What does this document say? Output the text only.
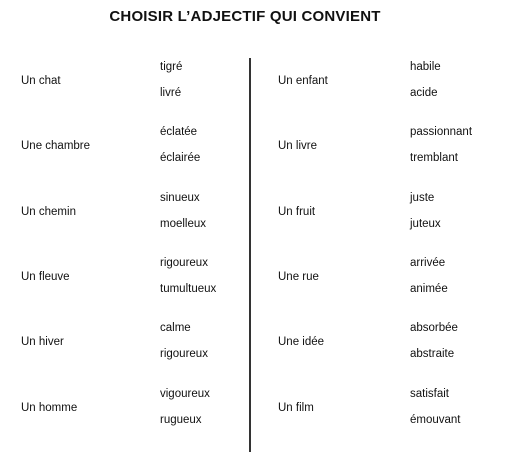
CHOISIR L’ADJECTIF QUI CONVIENT
Un chat
tigré
livré
Une chambre
éclatée
éclairée
Un chemin
sinueux
moelleux
Un fleuve
rigoureux
tumultueux
Un hiver
calme
rigoureux
Un homme
vigoureux
rugueux
Un enfant
habile
acide
Un livre
passionnant
tremblant
Un fruit
juste
juteux
Une rue
arrivée
animée
Une idée
absorbée
abstraite
Un film
satisfait
émouvant
